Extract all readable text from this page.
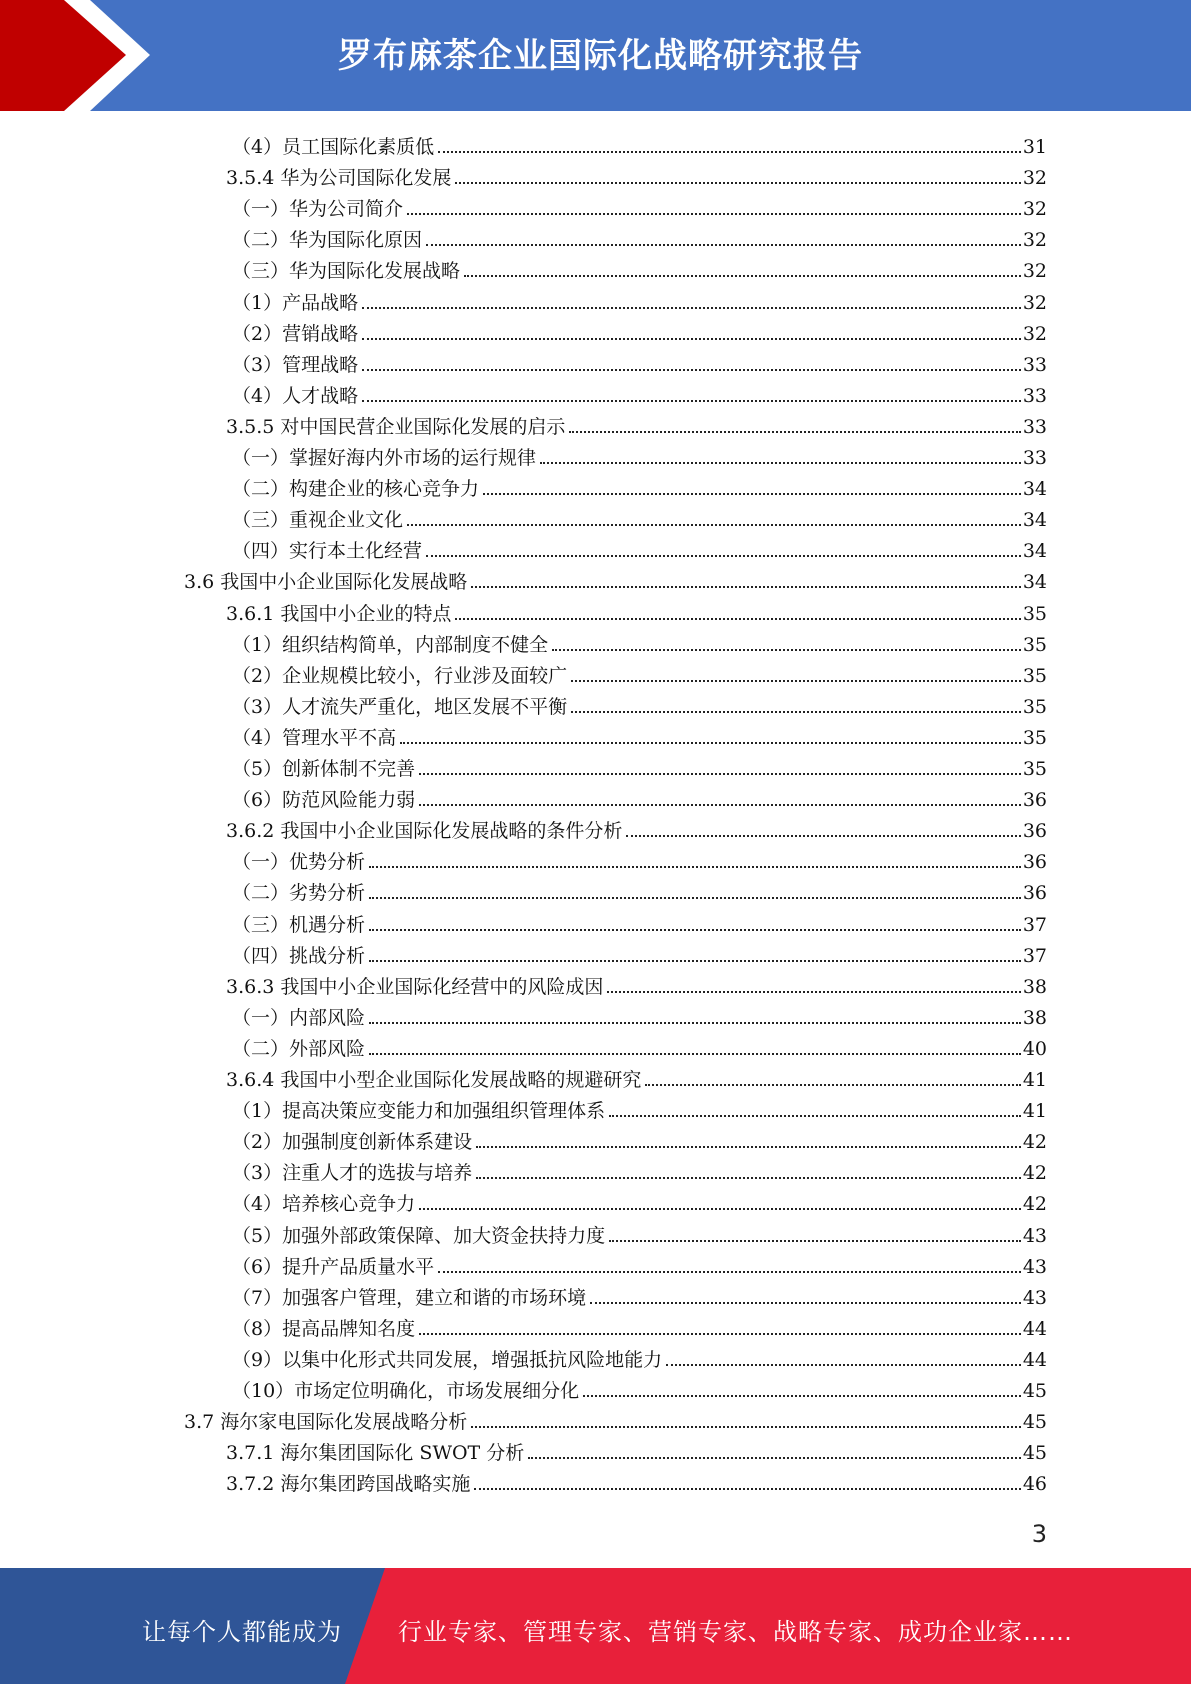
罗布麻茶企业国际化战略研究报告
（4）员工国际化素质低	31
3.5.4 华为公司国际化发展	32
（一）华为公司简介	32
（二）华为国际化原因	32
（三）华为国际化发展战略	32
（1）产品战略	32
（2）营销战略	32
（3）管理战略	33
（4）人才战略	33
3.5.5 对中国民营企业国际化发展的启示	33
（一）掌握好海内外市场的运行规律	33
（二）构建企业的核心竞争力	34
（三）重视企业文化	34
（四）实行本土化经营	34
3.6 我国中小企业国际化发展战略	34
3.6.1 我国中小企业的特点	35
（1）组织结构简单，内部制度不健全	35
（2）企业规模比较小，行业涉及面较广	35
（3）人才流失严重化，地区发展不平衡	35
（4）管理水平不高	35
（5）创新体制不完善	35
（6）防范风险能力弱	36
3.6.2 我国中小企业国际化发展战略的条件分析	36
（一）优势分析	36
（二）劣势分析	36
（三）机遇分析	37
（四）挑战分析	37
3.6.3 我国中小企业国际化经营中的风险成因	38
（一）内部风险	38
（二）外部风险	40
3.6.4 我国中小型企业国际化发展战略的规避研究	41
（1）提高决策应变能力和加强组织管理体系	41
（2）加强制度创新体系建设	42
（3）注重人才的选拔与培养	42
（4）培养核心竞争力	42
（5）加强外部政策保障、加大资金扶持力度	43
（6）提升产品质量水平	43
（7）加强客户管理，建立和谐的市场环境	43
（8）提高品牌知名度	44
（9）以集中化形式共同发展，增强抵抗风险地能力	44
（10）市场定位明确化，市场发展细分化	45
3.7 海尔家电国际化发展战略分析	45
3.7.1 海尔集团国际化 SWOT 分析	45
3.7.2 海尔集团跨国战略实施	46
3
让每个人都能成为 行业专家、管理专家、营销专家、战略专家、成功企业家……
